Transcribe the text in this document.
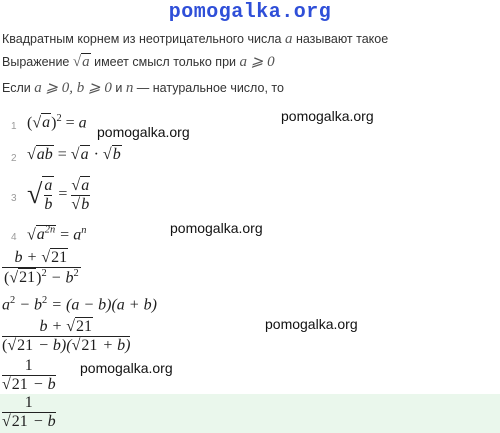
pomogalka.org
Квадратным корнем из неотрицательного числа a называют такое
Выражение √a имеет смысл только при a ⩾ 0
Если a ⩾ 0, b ⩾ 0 и n — натуральное число, то
1 $(√a)^2 = a$
2 √ab = √a · √b
3 √ $\frac{a}{b} = \frac{√a}{√b}$
4 $√a^{2n} = a^n$
pomogalka.org
pomogalka.org
pomogalka.org
pomogalka.org
pomogalka.org
$\frac{b + √21}{(√21)^2 - b^2}$
$a^2 - b^2 = (a - b)(a + b)$
$\frac{b + √21}{(√21 - b)(√21 + b)}$
$\frac{1}{√21 - b}$
$\frac{1}{√21 - b}$
